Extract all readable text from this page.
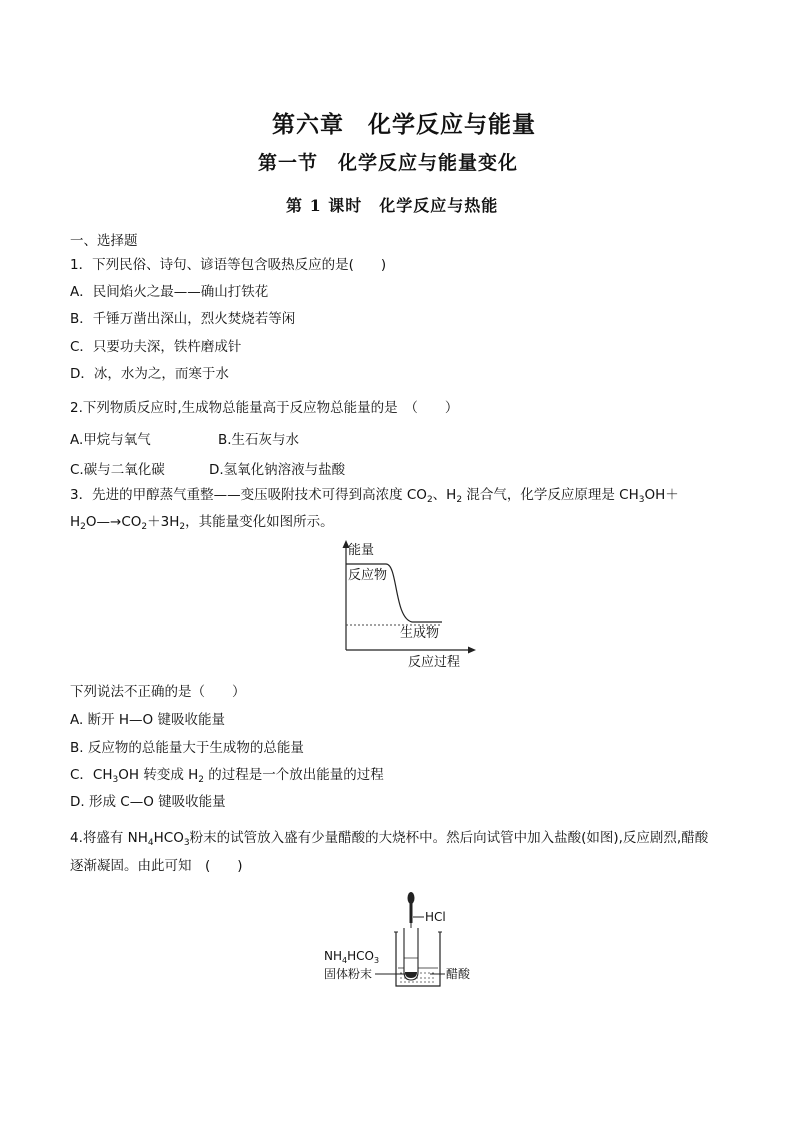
第六章　化学反应与能量
第一节　化学反应与能量变化
第 1 课时　化学反应与热能
一、选择题
1．下列民俗、诗句、谚语等包含吸热反应的是(　　)
A．民间焰火之最——确山打铁花
B．千锤万凿出深山，烈火焚烧若等闲
C．只要功夫深，铁杵磨成针
D．冰，水为之，而寒于水
2.下列物质反应时,生成物总能量高于反应物总能量的是　（　　）
A.甲烷与氧气	B.生石灰与水
C.碳与二氧化碳	D.氢氧化钠溶液与盐酸
3．先进的甲醇蒸气重整——变压吸附技术可得到高浓度 $CO_2$、$H_2$ 混合气，化学反应原理是 $CH_3OH+$
$H_2O—\to CO_2+3H_2$，其能量变化如图所示。
能量
反应物
生成物
反应过程
下列说法不正确的是（　　）
A. 断开 H—O 键吸收能量
B. 反应物的总能量大于生成物的总能量
C．$CH_3OH$ 转变成 $H_2$ 的过程是一个放出能量的过程
D. 形成 C—O 键吸收能量
4.将盛有 $NH_4HCO_3$粉末的试管放入盛有少量醋酸的大烧杯中。然后向试管中加入盐酸(如图),反应剧烈,醋酸
逐渐凝固。由此可知　(　　)
HCl
$NH_4HCO_3$
固体粉末	醋酸
